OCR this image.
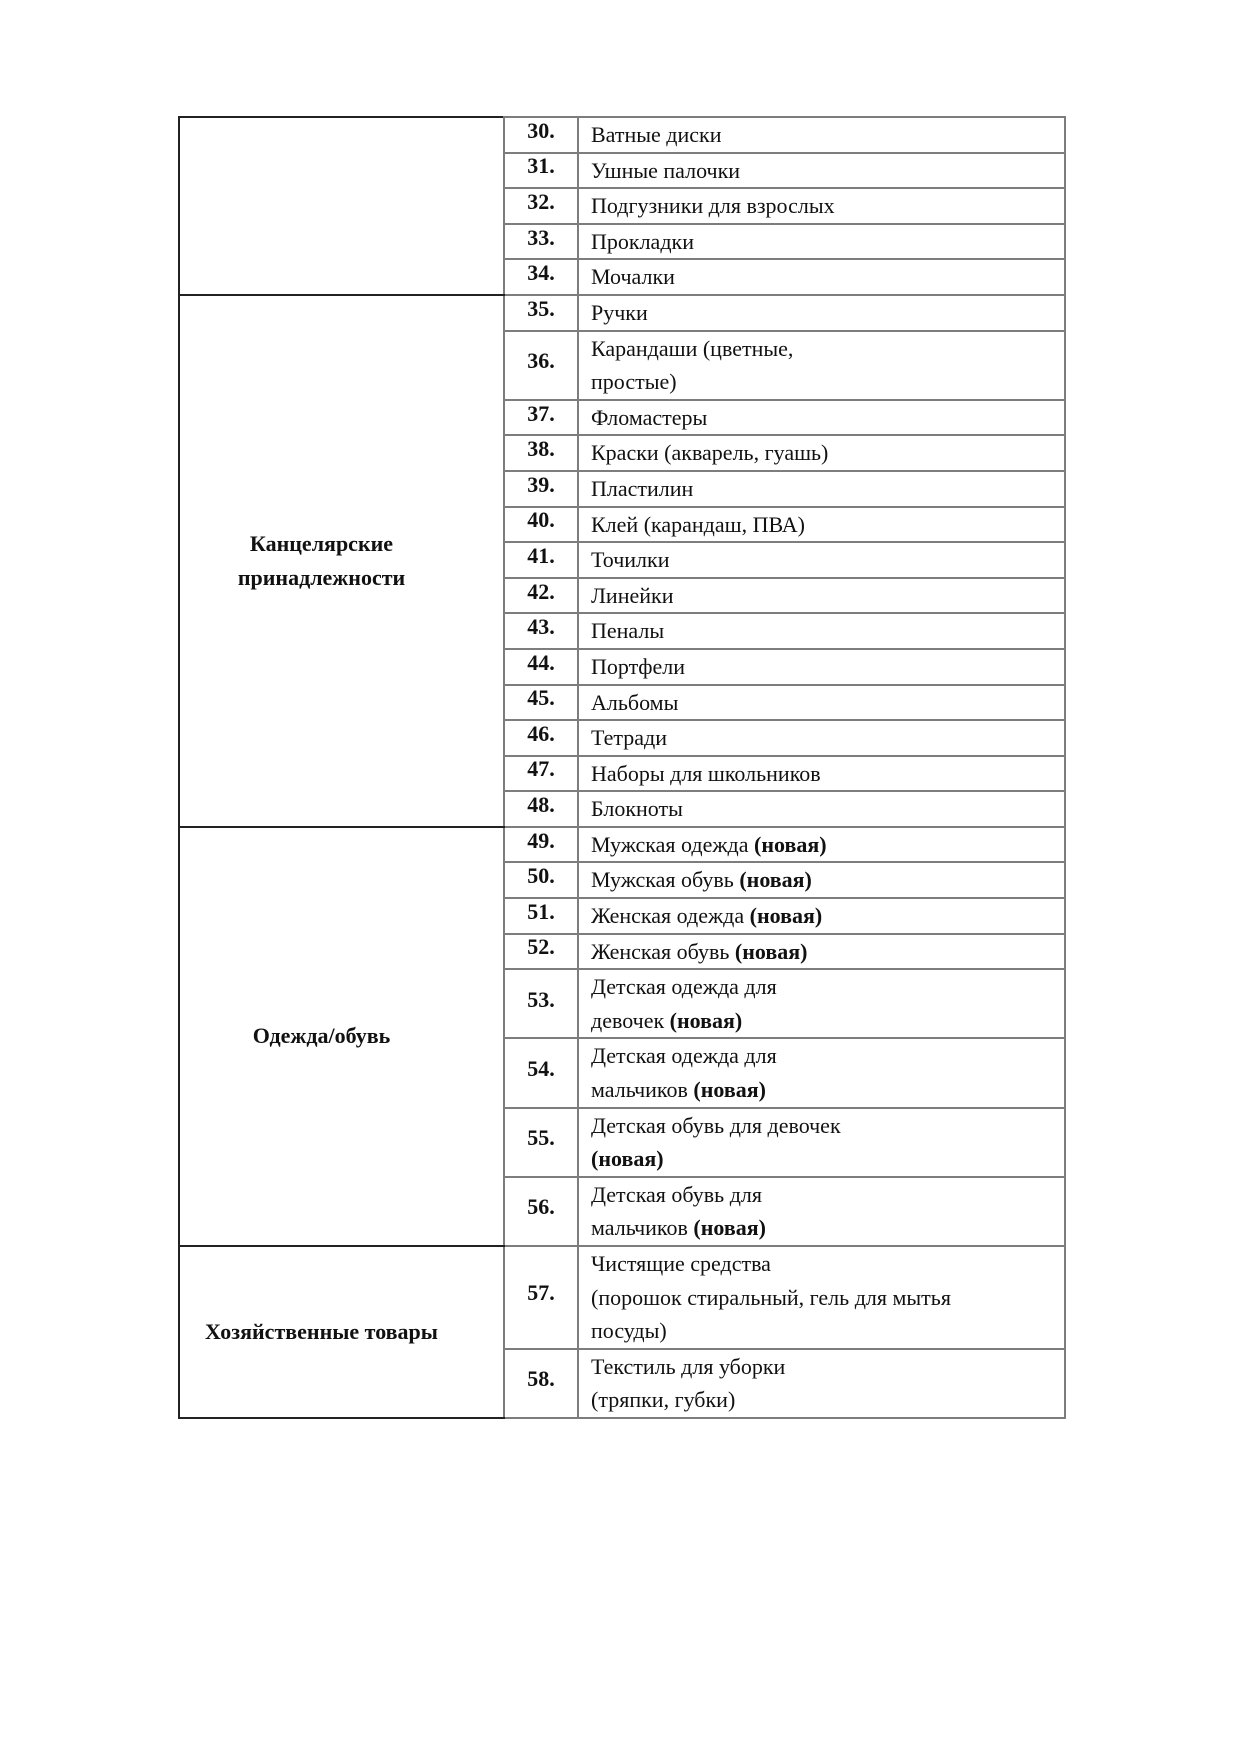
	30.	Ватные диски
	31.	Ушные палочки
	32.	Подгузники для взрослых
	33.	Прокладки
	34.	Мочалки
Канцелярские
принадлежности	35.	Ручки
	36.	Карандаши (цветные,
простые)
	37.	Фломастеры
	38.	Краски (акварель, гуашь)
	39.	Пластилин
	40.	Клей (карандаш, ПВА)
	41.	Точилки
	42.	Линейки
	43.	Пеналы
	44.	Портфели
	45.	Альбомы
	46.	Тетради
	47.	Наборы для школьников
	48.	Блокноты
Одежда/обувь	49.	Мужская одежда (новая)
	50.	Мужская обувь (новая)
	51.	Женская одежда (новая)
	52.	Женская обувь (новая)
	53.	Детская одежда для
девочек (новая)
	54.	Детская одежда для
мальчиков (новая)
	55.	Детская обувь для девочек
(новая)
	56.	Детская обувь для
мальчиков (новая)
Хозяйственные товары	57.	Чистящие средства
(порошок стиральный, гель для мытья
посуды)
	58.	Текстиль для уборки
(тряпки, губки)
